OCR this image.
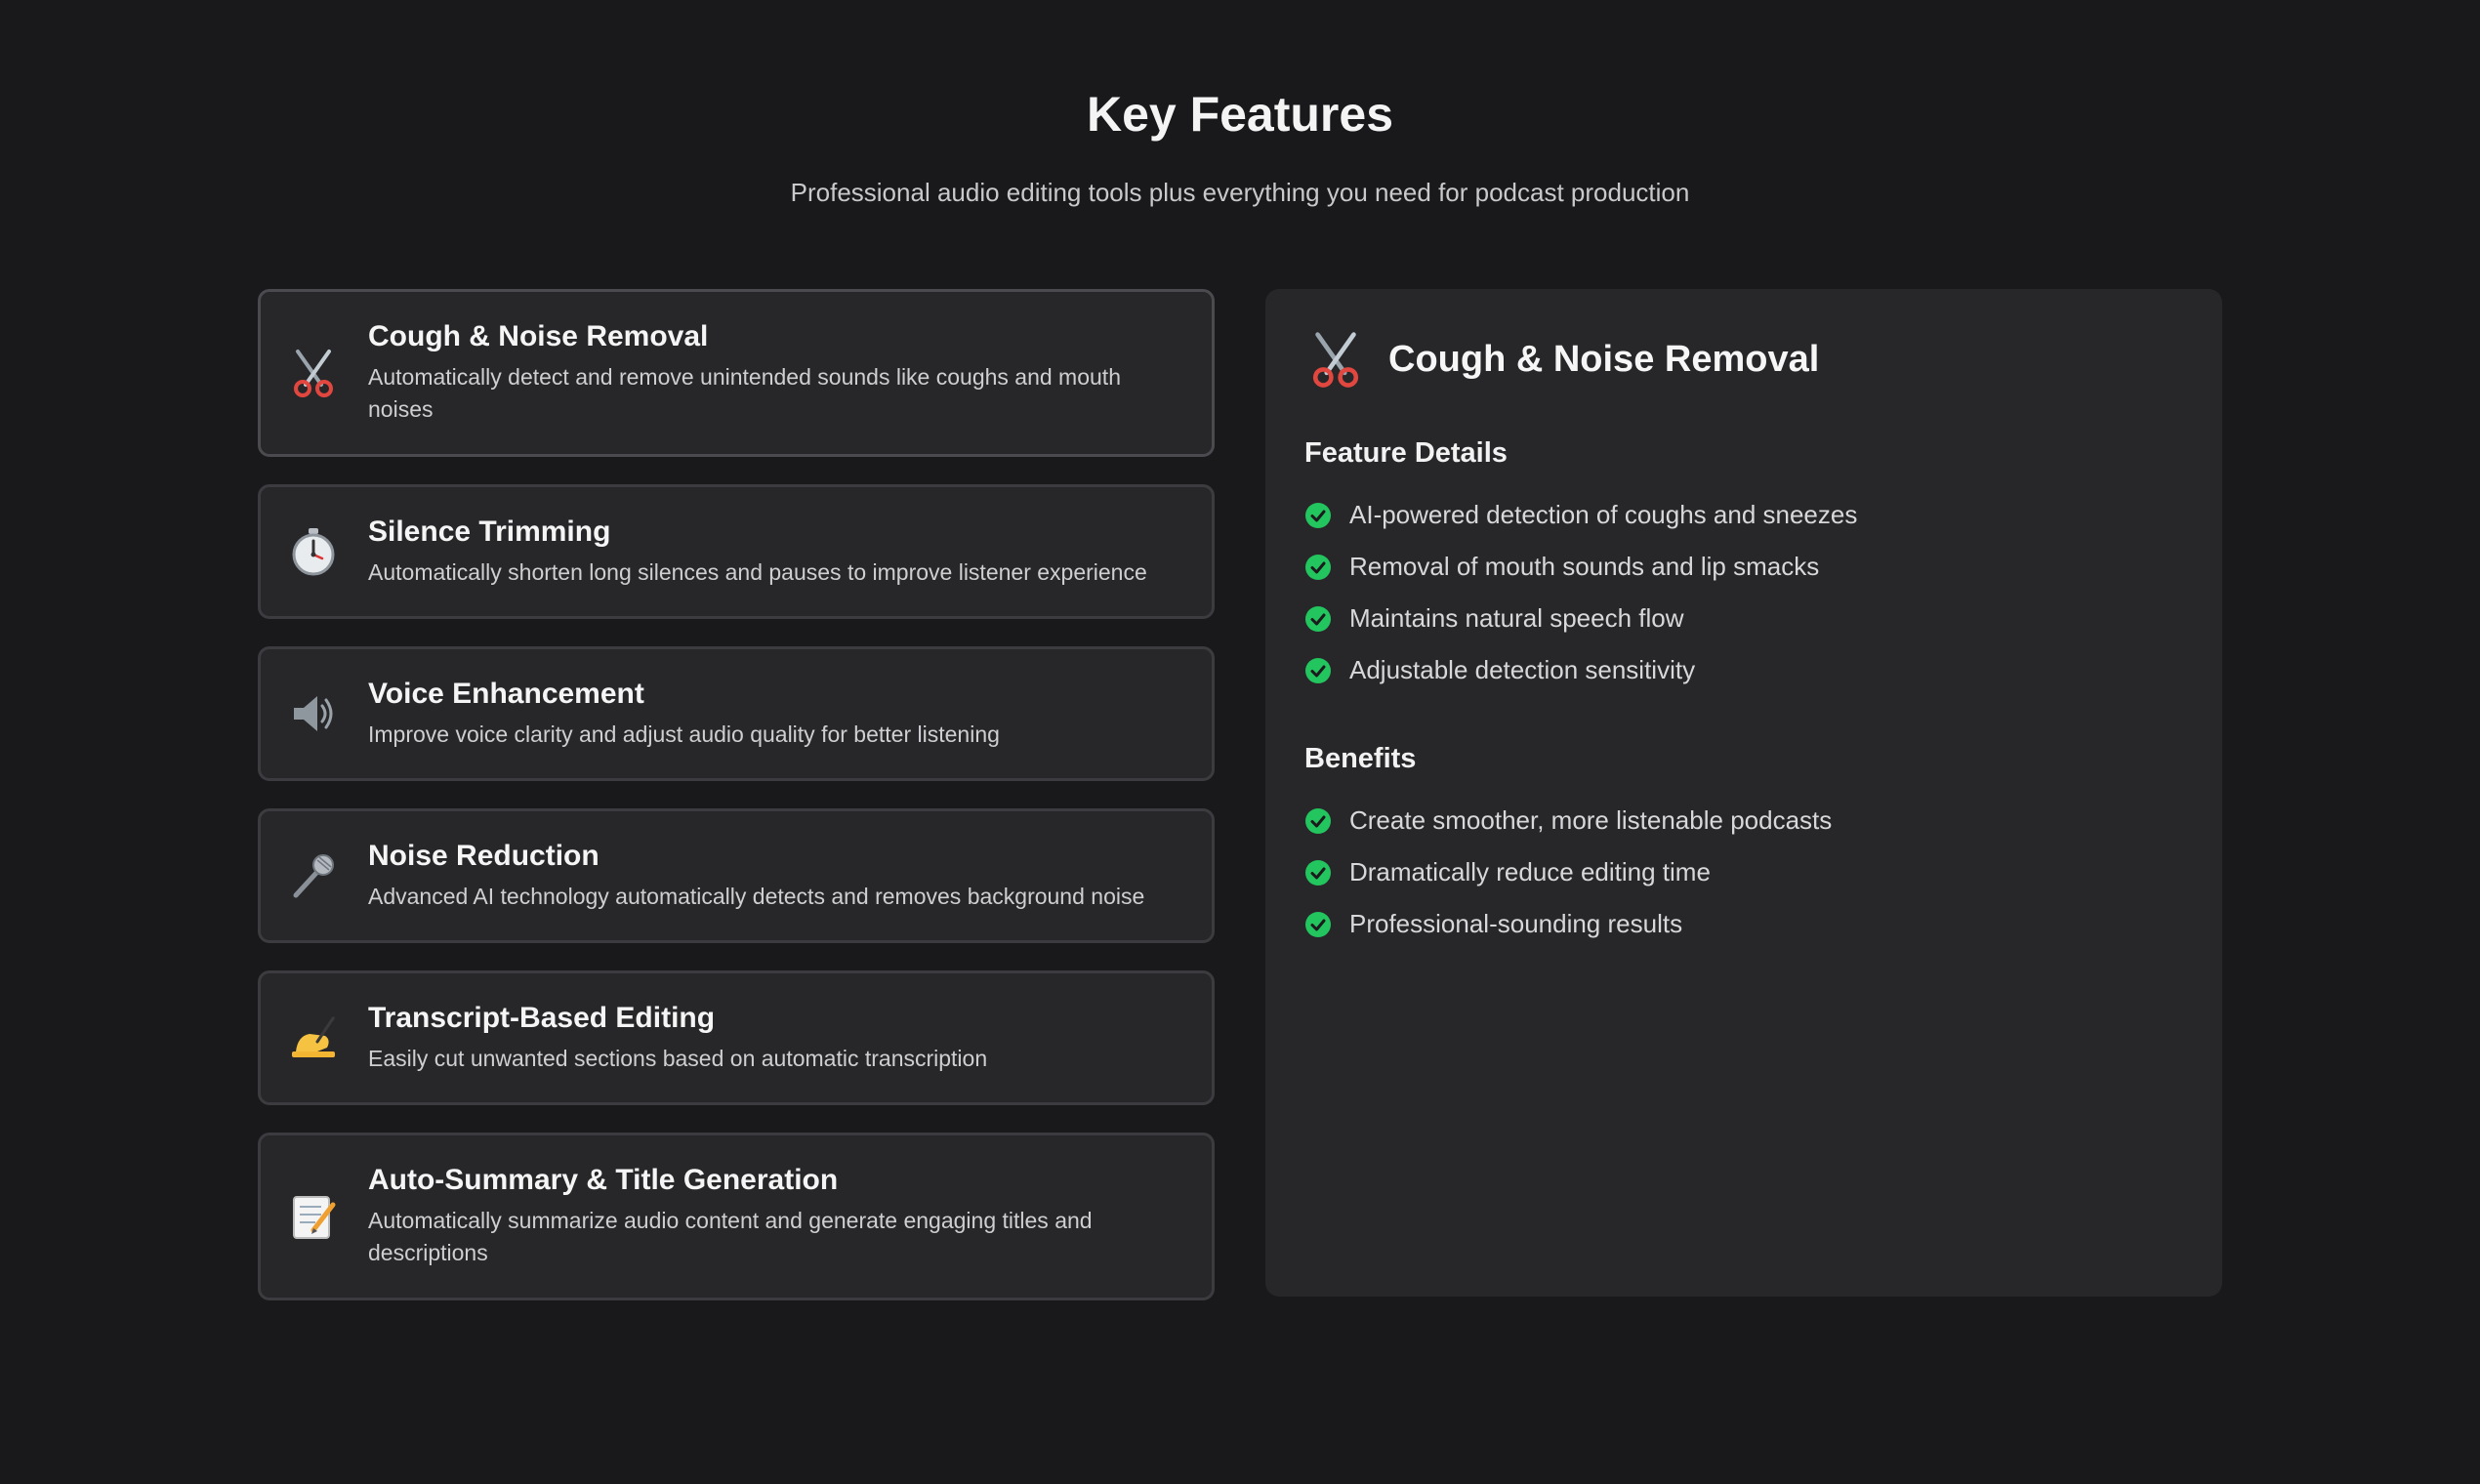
Key Features

Professional audio editing tools plus everything you need for podcast production

Cough & Noise Removal

Automatically detect and remove unintended sounds like coughs and mouth noises

Silence Trimming

Automatically shorten long silences and pauses to improve listener experience

Voice Enhancement

Improve voice clarity and adjust audio quality for better listening

Noise Reduction

Advanced AI technology automatically detects and removes background noise

Transcript-Based Editing

Easily cut unwanted sections based on automatic transcription

Auto-Summary & Title Generation

Automatically summarize audio content and generate engaging titles and descriptions

Cough & Noise Removal
Feature Details
AI-powered detection of coughs and sneezes
Removal of mouth sounds and lip smacks
Maintains natural speech flow
Adjustable detection sensitivity
Benefits
Create smoother, more listenable podcasts
Dramatically reduce editing time
Professional-sounding results
